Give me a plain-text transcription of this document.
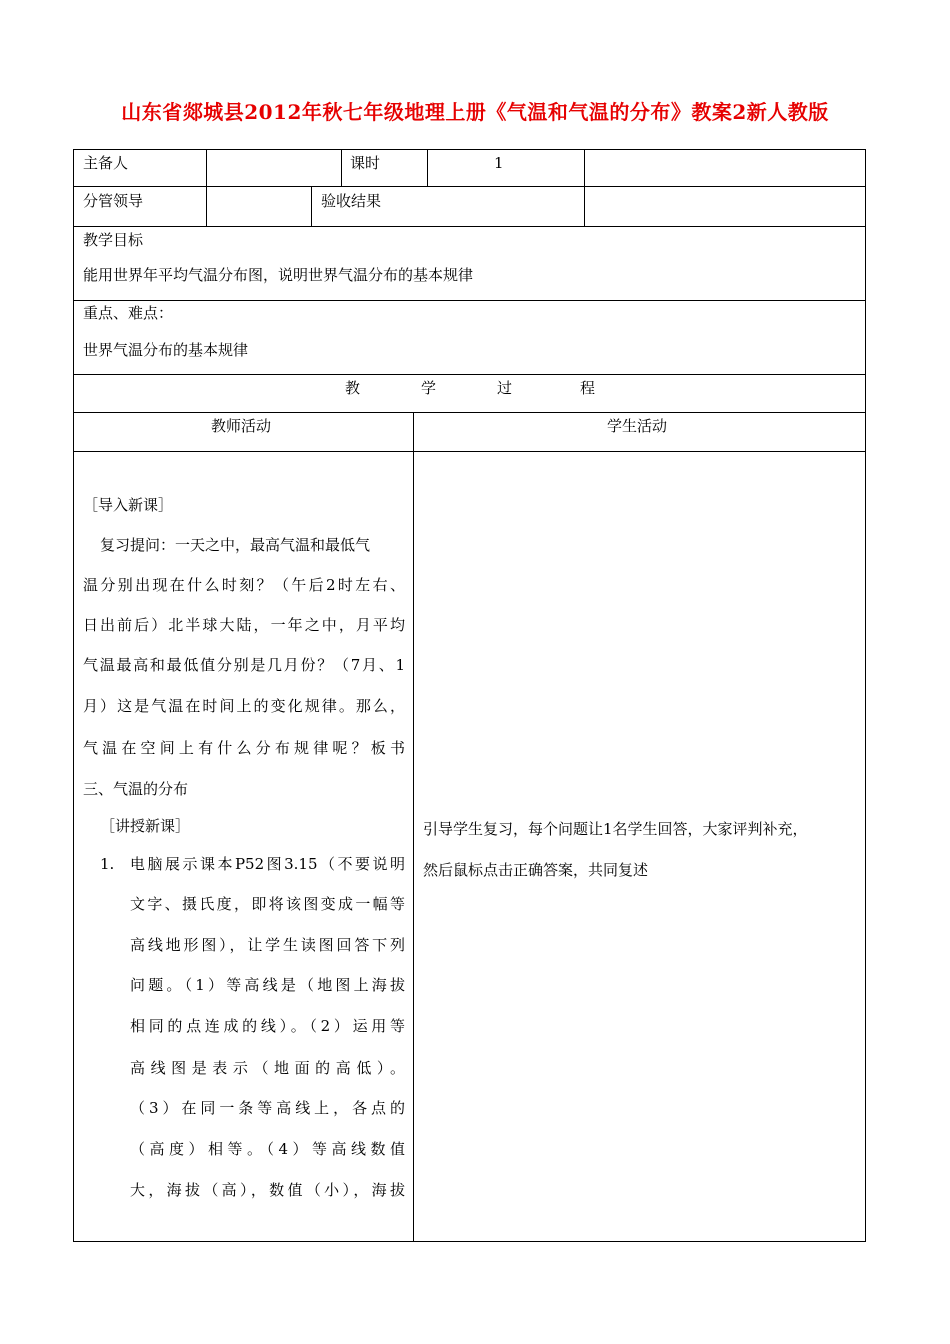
山东省郯城县2012年秋七年级地理上册《气温和气温的分布》教案2新人教版
主备人	课时	1
分管领导	验收结果
教学目标
能用世界年平均气温分布图，说明世界气温分布的基本规律
重点、难点：
世界气温分布的基本规律
教	学	过	程
教师活动	学生活动
［导入新课］
复习提问：一天之中，最高气温和最低气
温分别出现在什么时刻？（午后2时左右、
日出前后）北半球大陆，一年之中，月平均
气温最高和最低值分别是几月份？（7月、1
月）这是气温在时间上的变化规律。那么，
气温在空间上有什么分布规律呢？板书
三、气温的分布
［讲授新课］
1. 电脑展示课本P52图3.15（不要说明
文字、摄氏度，即将该图变成一幅等
高线地形图），让学生读图回答下列
问题。（1）等高线是（地图上海拔
相同的点连成的线）。（2）运用等
高线图是表示（地面的高低）。
（3）在同一条等高线上，各点的
（高度）相等。（4）等高线数值
大，海拔（高），数值（小），海拔
引导学生复习，每个问题让1名学生回答，大家评判补充，
然后鼠标点击正确答案，共同复述
